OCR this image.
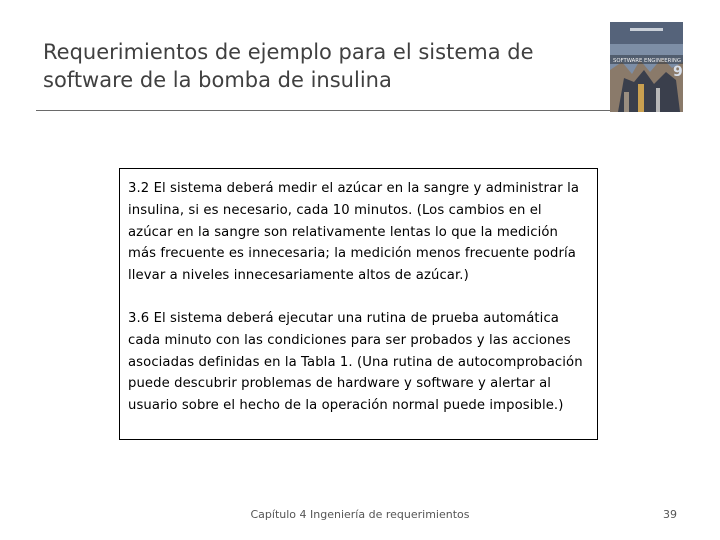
Requerimientos de ejemplo para el sistema de software de la bomba de insulina
SOFTWARE ENGINEERING
9

3.2 El sistema deberá medir el azúcar en la sangre y administrar la insulina, si es necesario, cada 10 minutos. (Los cambios en el azúcar en la sangre son relativamente lentas lo que la medición más frecuente es innecesaria; la medición menos frecuente podría llevar a niveles innecesariamente altos de azúcar.)

3.6 El sistema deberá ejecutar una rutina de prueba automática cada minuto con las condiciones para ser probados y las acciones asociadas definidas en la Tabla 1. (Una rutina de autocomprobación puede descubrir problemas de hardware y software y alertar al usuario sobre el hecho de la operación normal puede imposible.)

Capítulo 4 Ingeniería de requerimientos	39
